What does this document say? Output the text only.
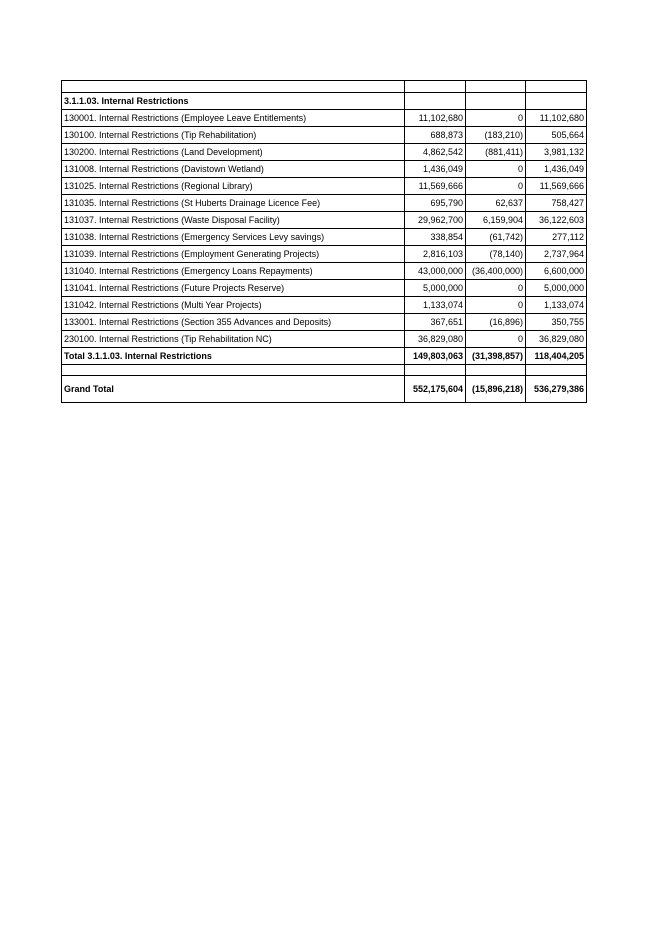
3.1.1.03. Internal Restrictions			
130001. Internal Restrictions (Employee Leave Entitlements)	11,102,680	0	11,102,680
130100. Internal Restrictions (Tip Rehabilitation)	688,873	(183,210)	505,664
130200. Internal Restrictions (Land Development)	4,862,542	(881,411)	3,981,132
131008. Internal Restrictions (Davistown Wetland)	1,436,049	0	1,436,049
131025. Internal Restrictions (Regional Library)	11,569,666	0	11,569,666
131035. Internal Restrictions (St Huberts Drainage Licence Fee)	695,790	62,637	758,427
131037. Internal Restrictions (Waste Disposal Facility)	29,962,700	6,159,904	36,122,603
131038. Internal Restrictions (Emergency Services Levy savings)	338,854	(61,742)	277,112
131039. Internal Restrictions (Employment Generating Projects)	2,816,103	(78,140)	2,737,964
131040. Internal Restrictions (Emergency Loans Repayments)	43,000,000	(36,400,000)	6,600,000
131041. Internal Restrictions (Future Projects Reserve)	5,000,000	0	5,000,000
131042. Internal Restrictions (Multi Year Projects)	1,133,074	0	1,133,074
133001. Internal Restrictions (Section 355 Advances and Deposits)	367,651	(16,896)	350,755
230100. Internal Restrictions (Tip Rehabilitation NC)	36,829,080	0	36,829,080
Total 3.1.1.03. Internal Restrictions	149,803,063	(31,398,857)	118,404,205

Grand Total	552,175,604	(15,896,218)	536,279,386
